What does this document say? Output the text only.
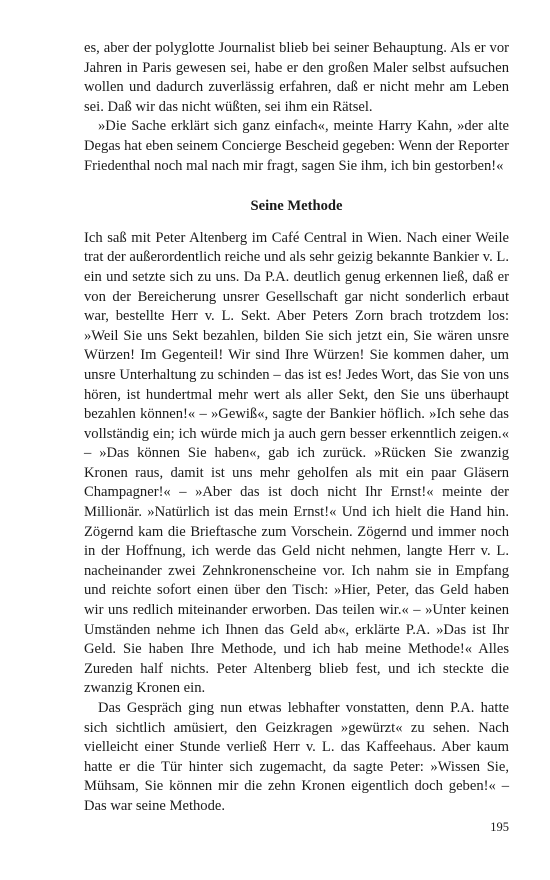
es, aber der polyglotte Journalist blieb bei seiner Behauptung. Als er vor Jahren in Paris gewesen sei, habe er den großen Maler selbst aufsuchen wollen und dadurch zuverlässig erfahren, daß er nicht mehr am Leben sei. Daß wir das nicht wüßten, sei ihm ein Rätsel.

»Die Sache erklärt sich ganz einfach«, meinte Harry Kahn, »der alte Degas hat eben seinem Concierge Bescheid gegeben: Wenn der Reporter Friedenthal noch mal nach mir fragt, sagen Sie ihm, ich bin gestorben!«

Seine Methode

Ich saß mit Peter Altenberg im Café Central in Wien. Nach einer Weile trat der außerordentlich reiche und als sehr geizig bekannte Bankier v. L. ein und setzte sich zu uns. Da P.A. deutlich genug erkennen ließ, daß er von der Bereicherung unsrer Gesellschaft gar nicht sonderlich erbaut war, bestellte Herr v. L. Sekt. Aber Peters Zorn brach trotzdem los: »Weil Sie uns Sekt bezahlen, bilden Sie sich jetzt ein, Sie wären unsre Würzen! Im Gegenteil! Wir sind Ihre Würzen! Sie kommen daher, um unsre Unterhaltung zu schinden – das ist es! Jedes Wort, das Sie von uns hören, ist hundertmal mehr wert als aller Sekt, den Sie uns überhaupt bezahlen können!« – »Gewiß«, sagte der Bankier höflich. »Ich sehe das vollständig ein; ich würde mich ja auch gern besser erkenntlich zeigen.« – »Das können Sie haben«, gab ich zurück. »Rücken Sie zwanzig Kronen raus, damit ist uns mehr geholfen als mit ein paar Gläsern Champagner!« – »Aber das ist doch nicht Ihr Ernst!« meinte der Millionär. »Natürlich ist das mein Ernst!« Und ich hielt die Hand hin. Zögernd kam die Brieftasche zum Vorschein. Zögernd und immer noch in der Hoffnung, ich werde das Geld nicht nehmen, langte Herr v. L. nacheinander zwei Zehnkronenscheine vor. Ich nahm sie in Empfang und reichte sofort einen über den Tisch: »Hier, Peter, das Geld haben wir uns redlich miteinander erworben. Das teilen wir.« – »Unter keinen Umständen nehme ich Ihnen das Geld ab«, erklärte P.A. »Das ist Ihr Geld. Sie haben Ihre Methode, und ich hab meine Methode!« Alles Zureden half nichts. Peter Altenberg blieb fest, und ich steckte die zwanzig Kronen ein.

Das Gespräch ging nun etwas lebhafter vonstatten, denn P.A. hatte sich sichtlich amüsiert, den Geizkragen »gewürzt« zu sehen. Nach vielleicht einer Stunde verließ Herr v. L. das Kaffeehaus. Aber kaum hatte er die Tür hinter sich zugemacht, da sagte Peter: »Wissen Sie, Mühsam, Sie können mir die zehn Kronen eigentlich doch geben!« – Das war seine Methode.

195
